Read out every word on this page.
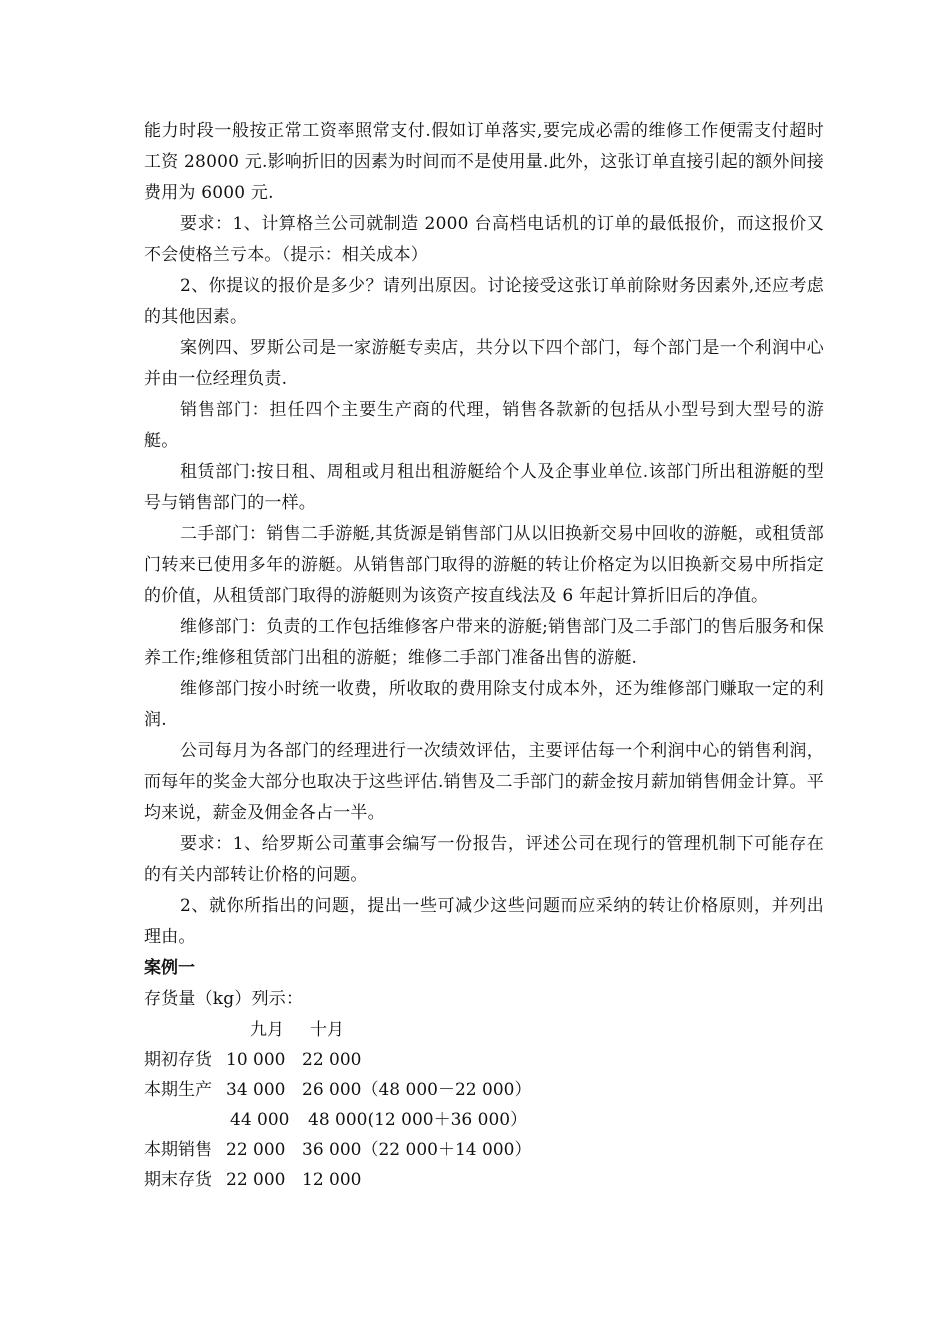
能力时段一般按正常工资率照常支付.假如订单落实,要完成必需的维修工作便需支付超时工资 28000 元.影响折旧的因素为时间而不是使用量.此外，这张订单直接引起的额外间接费用为 6000 元.

要求：1、计算格兰公司就制造 2000 台高档电话机的订单的最低报价，而这报价又不会使格兰亏本。（提示：相关成本）

2、你提议的报价是多少？请列出原因。讨论接受这张订单前除财务因素外,还应考虑的其他因素。

案例四、罗斯公司是一家游艇专卖店，共分以下四个部门，每个部门是一个利润中心并由一位经理负责.

销售部门：担任四个主要生产商的代理，销售各款新的包括从小型号到大型号的游艇。

租赁部门:按日租、周租或月租出租游艇给个人及企事业单位.该部门所出租游艇的型号与销售部门的一样。

二手部门：销售二手游艇,其货源是销售部门从以旧换新交易中回收的游艇，或租赁部门转来已使用多年的游艇。从销售部门取得的游艇的转让价格定为以旧换新交易中所指定的价值，从租赁部门取得的游艇则为该资产按直线法及 6 年起计算折旧后的净值。

维修部门：负责的工作包括维修客户带来的游艇;销售部门及二手部门的售后服务和保养工作;维修租赁部门出租的游艇；维修二手部门准备出售的游艇.

维修部门按小时统一收费，所收取的费用除支付成本外，还为维修部门赚取一定的利润.

公司每月为各部门的经理进行一次绩效评估，主要评估每一个利润中心的销售利润，而每年的奖金大部分也取决于这些评估.销售及二手部门的薪金按月薪加销售佣金计算。平均来说，薪金及佣金各占一半。

要求：1、给罗斯公司董事会编写一份报告，评述公司在现行的管理机制下可能存在的有关内部转让价格的问题。

2、就你所指出的问题，提出一些可减少这些问题而应采纳的转让价格原则，并列出理由。

案例一

存货量（kg）列示：

九月 十月
期初存货 10 000 22 000
本期生产 34 000 26 000（48 000－22 000）
44 000 48 000(12 000＋36 000）
本期销售 22 000 36 000（22 000＋14 000）
期末存货 22 000 12 000
